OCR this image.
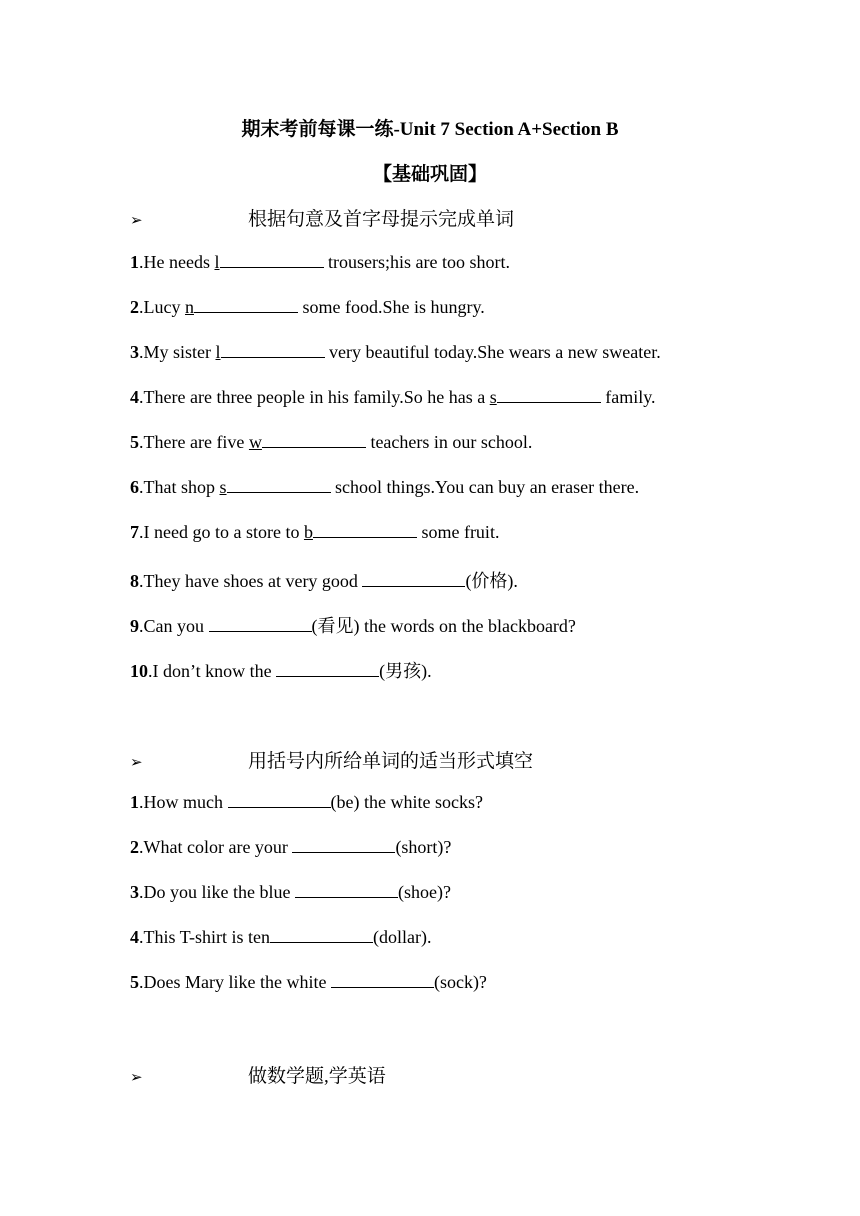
期末考前每课一练-Unit 7 Section A+Section B
【基础巩固】
➢	根据句意及首字母提示完成单词
1.He needs l	trousers;his are too short.
2.Lucy n	some food.She is hungry.
3.My sister l	very beautiful today.She wears a new sweater.
4.There are three people in his family.So he has a s	family.
5.There are five w	teachers in our school.
6.That shop s	school things.You can buy an eraser there.
7.I need go to a store to b	some fruit.
8.They have shoes at very good	(价格).
9.Can you	(看见) the words on the blackboard?
10.I don’t know the	(男孩).
➢	用括号内所给单词的适当形式填空
1.How much	(be) the white socks?
2.What color are your	(short)?
3.Do you like the blue	(shoe)?
4.This T-shirt is ten	(dollar).
5.Does Mary like the white	(sock)?
➢	做数学题,学英语
